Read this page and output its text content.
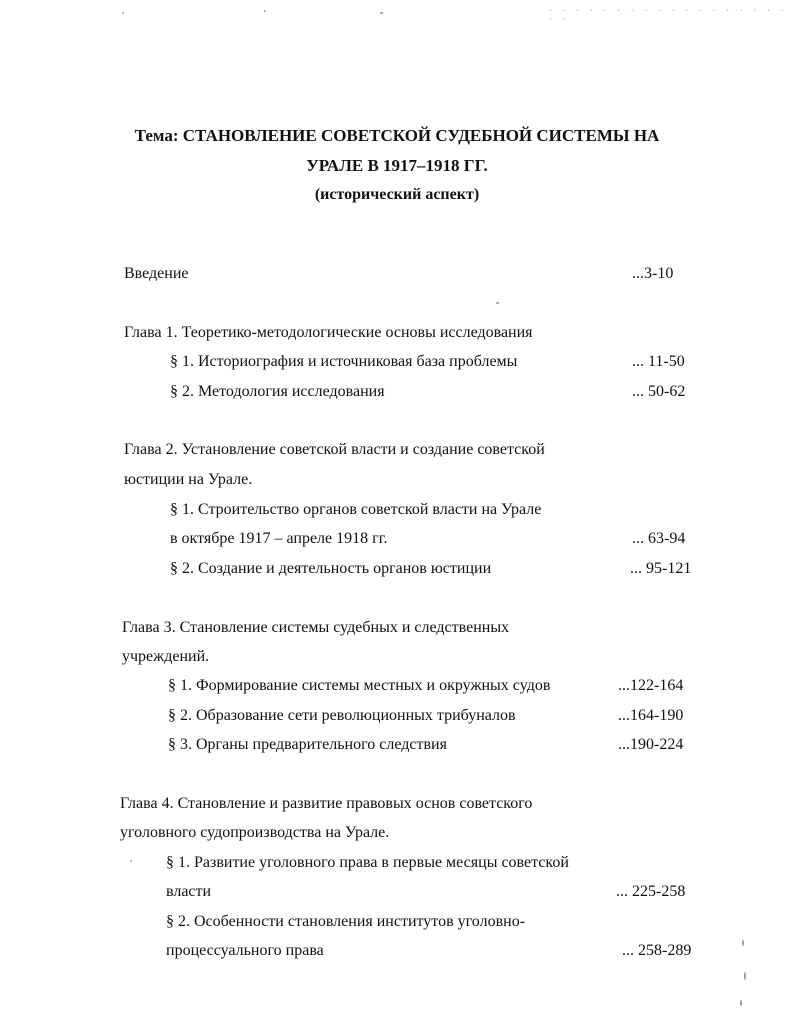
· · · · · · · · · · · · · · · · · · · ·
Тема: СТАНОВЛЕНИЕ СОВЕТСКОЙ СУДЕБНОЙ СИСТЕМЫ НА
УРАЛЕ В 1917–1918 ГГ.
(исторический аспект)
Введение	...3-10
Глава 1. Теоретико-методологические основы исследования
§ 1. Историография и источниковая база проблемы	... 11-50
§ 2. Методология исследования	... 50-62
Глава 2. Установление советской власти и создание советской
юстиции на Урале.
§ 1. Строительство органов советской власти на Урале
в октябре 1917 – апреле 1918 гг.	... 63-94
§ 2. Создание и деятельность органов юстиции	... 95-121
Глава 3. Становление системы судебных и следственных
учреждений.
§ 1. Формирование системы местных и окружных судов	...122-164
§ 2. Образование сети революционных трибуналов	...164-190
§ 3. Органы предварительного следствия	...190-224
Глава 4. Становление и развитие правовых основ советского
уголовного судопроизводства на Урале.
§ 1. Развитие уголовного права в первые месяцы советской
власти	... 225-258
§ 2. Особенности становления институтов уголовно-
процессуального права	... 258-289
